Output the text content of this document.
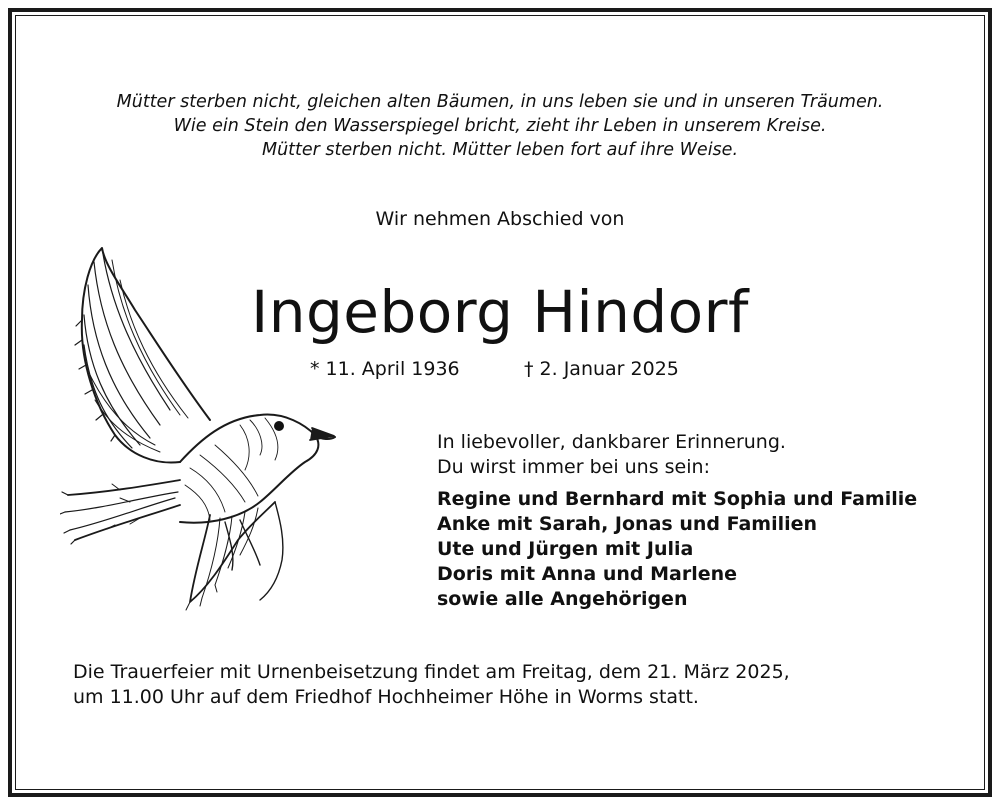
Mütter sterben nicht, gleichen alten Bäumen, in uns leben sie und in unseren Träumen.
Wie ein Stein den Wasserspiegel bricht, zieht ihr Leben in unserem Kreise.
Mütter sterben nicht. Mütter leben fort auf ihre Weise.
Wir nehmen Abschied von
Ingeborg Hindorf
* 11. April 1936	† 2. Januar 2025
In liebevoller, dankbarer Erinnerung.
Du wirst immer bei uns sein:
Regine und Bernhard mit Sophia und Familie
Anke mit Sarah, Jonas und Familien
Ute und Jürgen mit Julia
Doris mit Anna und Marlene
sowie alle Angehörigen
Die Trauerfeier mit Urnenbeisetzung findet am Freitag, dem 21. März 2025,
um 11.00 Uhr auf dem Friedhof Hochheimer Höhe in Worms statt.
